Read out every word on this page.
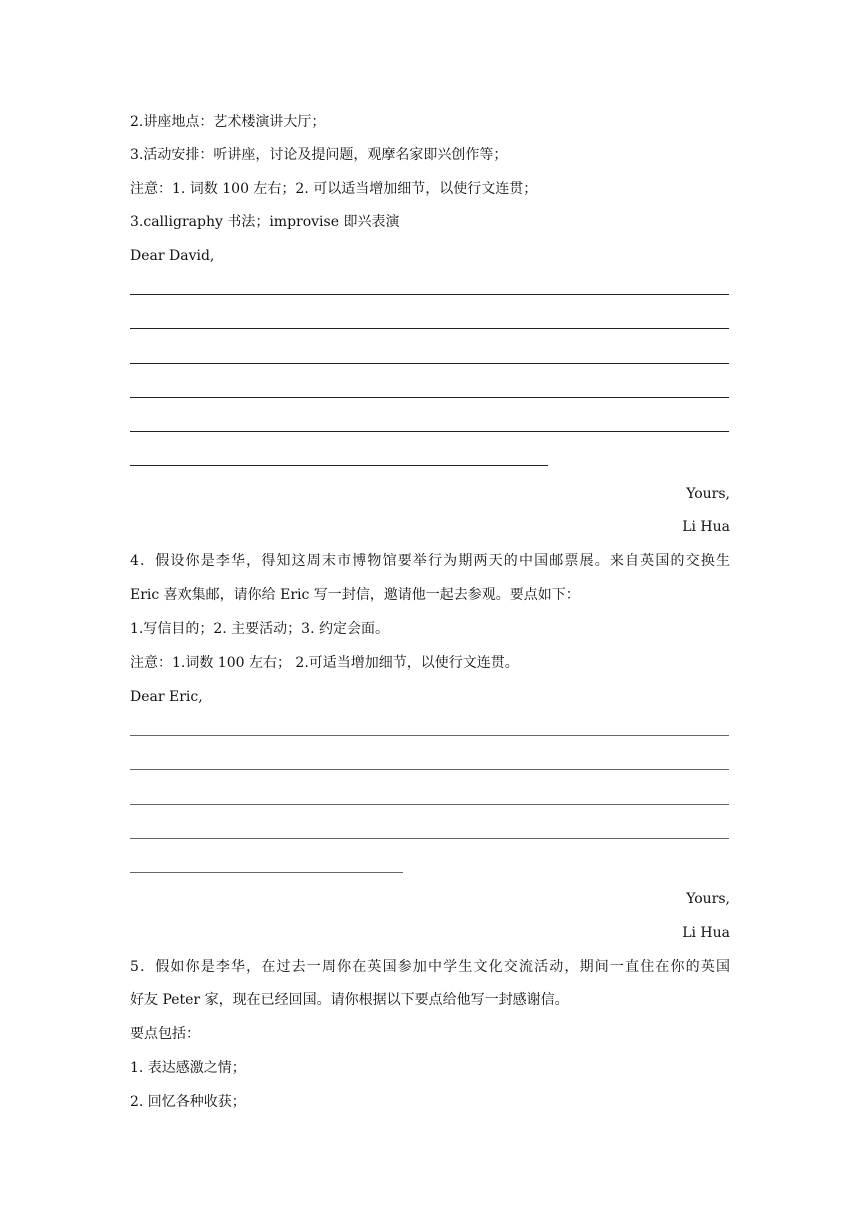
2.讲座地点：艺术楼演讲大厅；
3.活动安排：听讲座，讨论及提问题，观摩名家即兴创作等；
注意：1. 词数 100 左右；2. 可以适当增加细节，以使行文连贯；
3.calligraphy 书法；improvise 即兴表演
Dear David,
Yours,
Li Hua
4．假设你是李华，得知这周末市博物馆要举行为期两天的中国邮票展。来自英国的交换生
Eric 喜欢集邮，请你给 Eric 写一封信，邀请他一起去参观。要点如下：
1.写信目的；2. 主要活动；3. 约定会面。
注意：1.词数 100 左右； 2.可适当增加细节，以使行文连贯。
Dear Eric,
Yours,
Li Hua
5．假如你是李华，在过去一周你在英国参加中学生文化交流活动，期间一直住在你的英国
好友 Peter 家，现在已经回国。请你根据以下要点给他写一封感谢信。
要点包括：
1. 表达感激之情；
2. 回忆各种收获；
